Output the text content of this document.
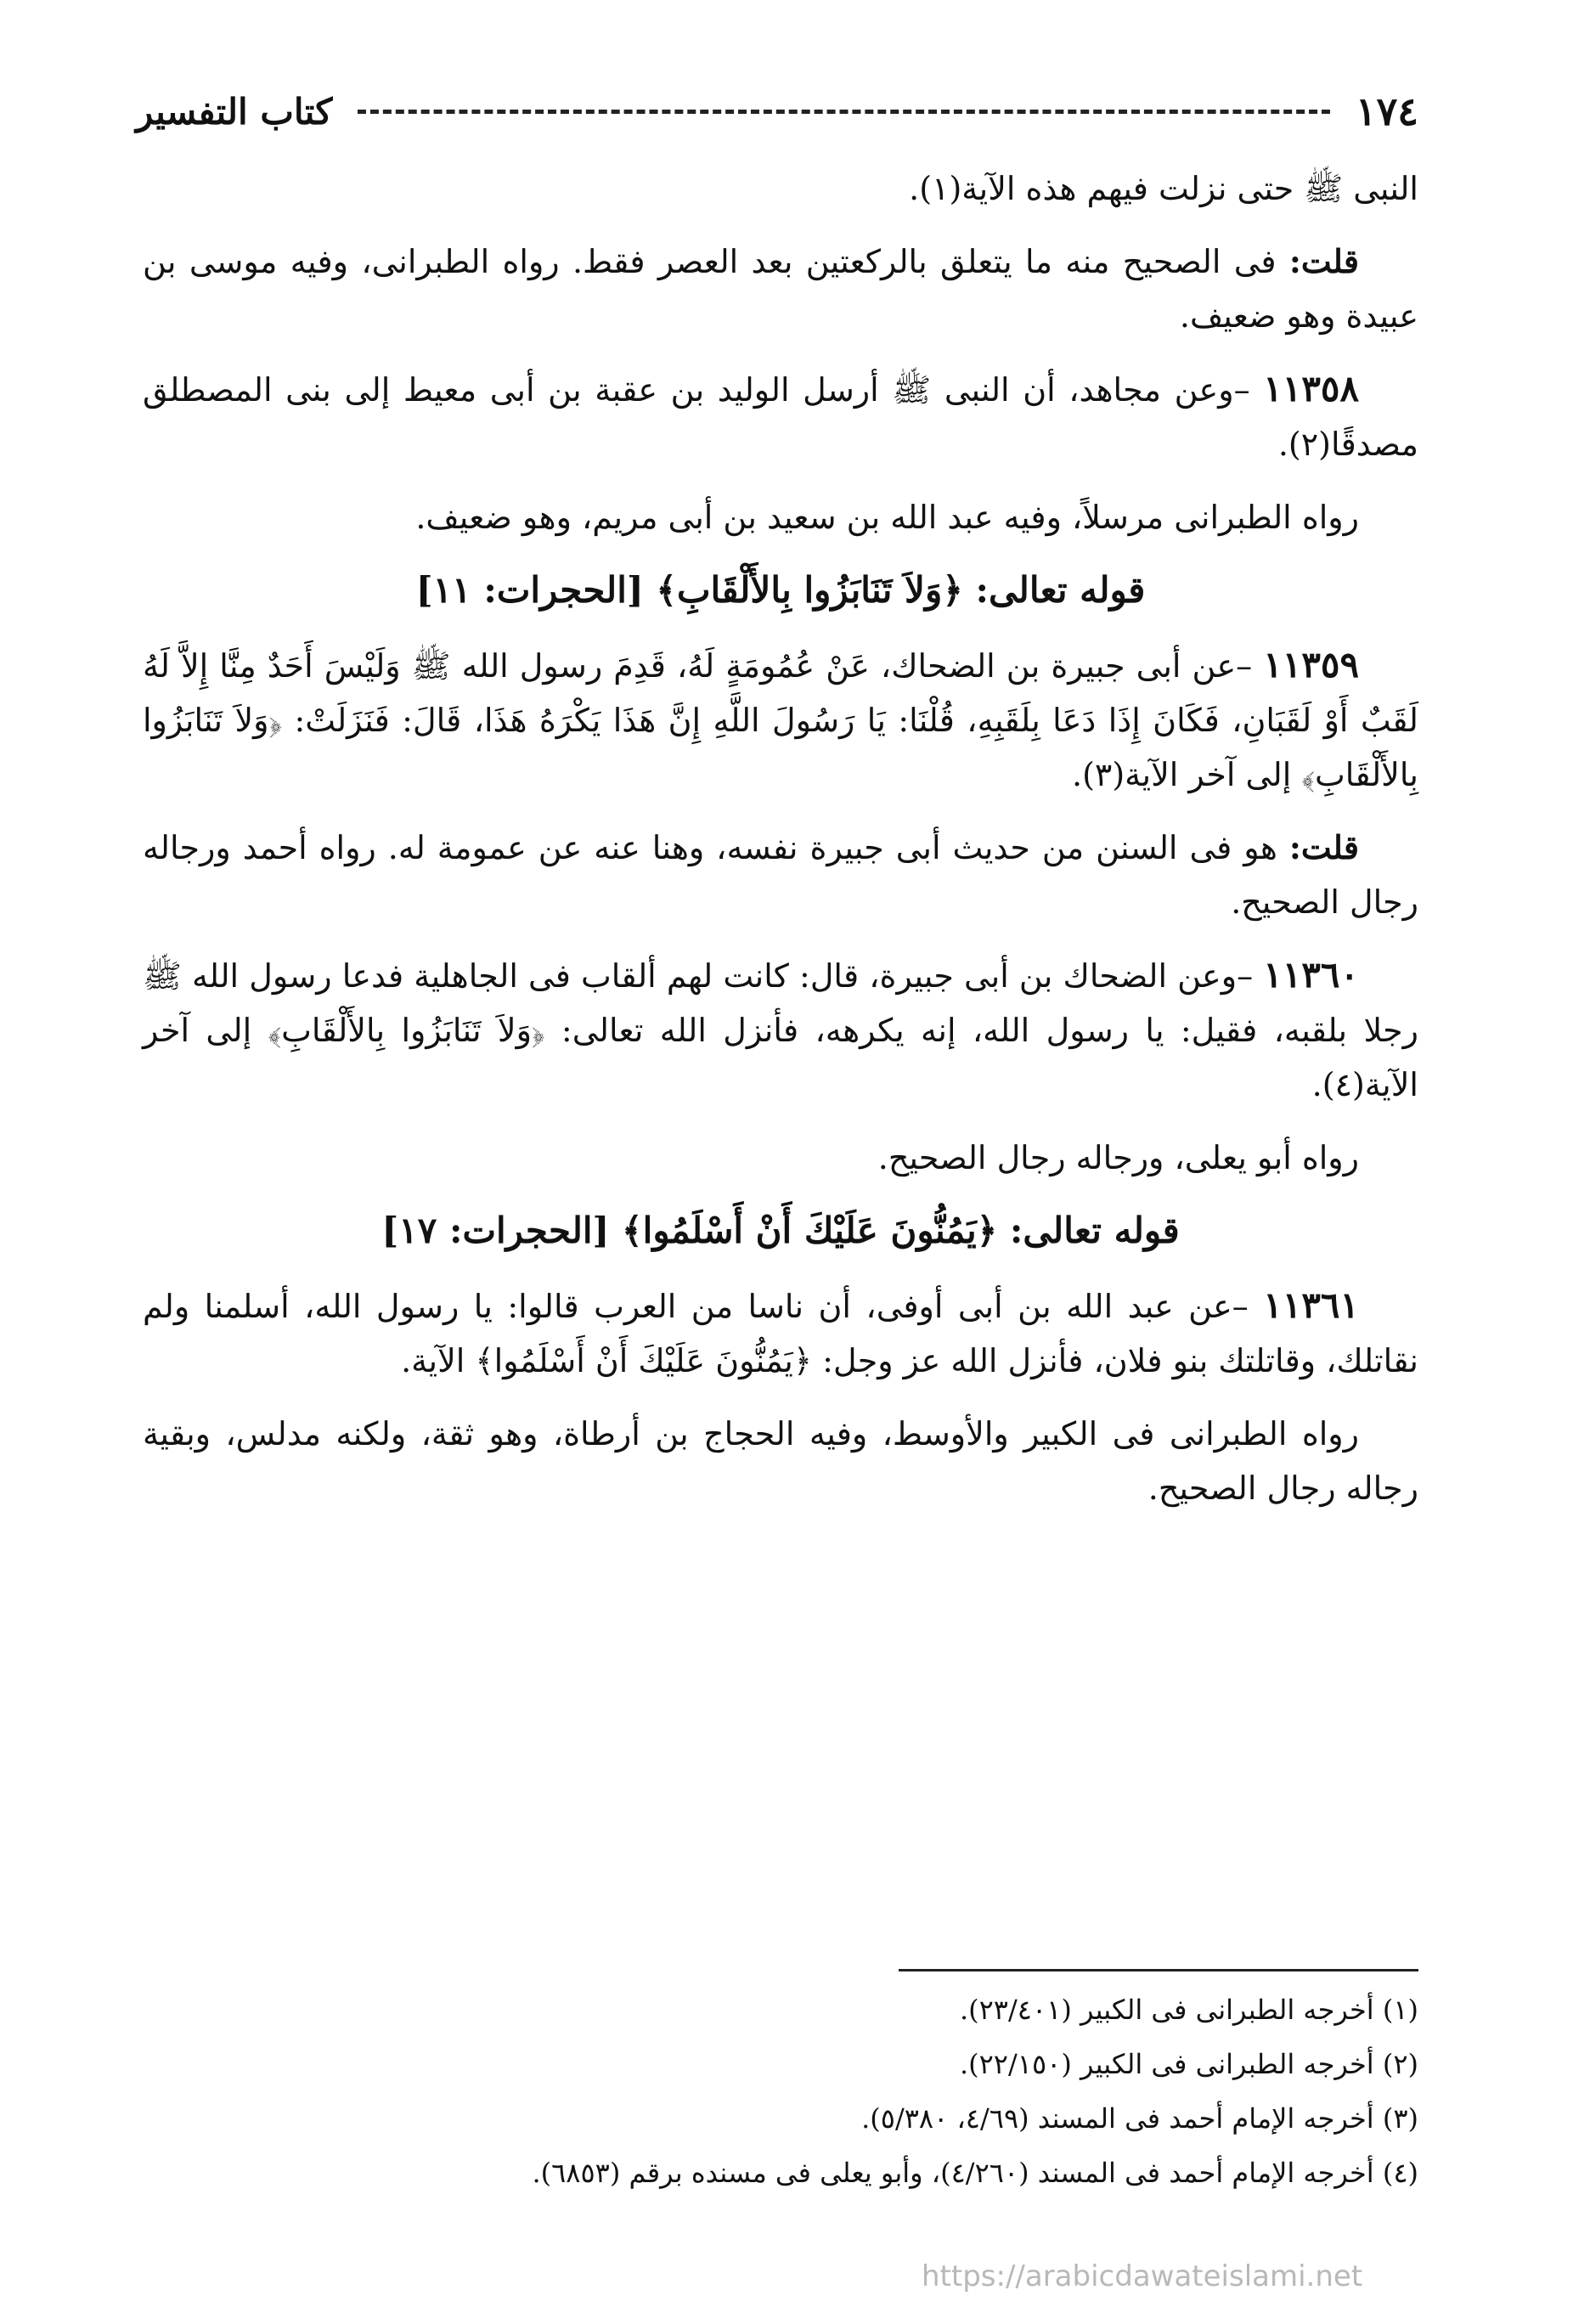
١٧٤
كتاب التفسير

النبى ﷺ حتى نزلت فيهم هذه الآية(١).

قلت: فى الصحيح منه ما يتعلق بالركعتين بعد العصر فقط. رواه الطبرانى، وفيه موسى بن عبيدة وهو ضعيف.

١١٣٥٨ –وعن مجاهد، أن النبى ﷺ أرسل الوليد بن عقبة بن أبى معيط إلى بنى المصطلق مصدقًا(٢).

رواه الطبرانى مرسلاً، وفيه عبد الله بن سعيد بن أبى مريم، وهو ضعيف.

قوله تعالى: ﴿وَلاَ تَنَابَزُوا بِالأَلْقَابِ﴾ [الحجرات: ١١]

١١٣٥٩ –عن أبى جبيرة بن الضحاك، عَنْ عُمُومَةٍ لَهُ، قَدِمَ رسول الله ﷺ وَلَيْسَ أَحَدٌ مِنَّا إِلاَّ لَهُ لَقَبٌ أَوْ لَقَبَانِ، فَكَانَ إِذَا دَعَا بِلَقَبِهِ، قُلْنَا: يَا رَسُولَ اللَّهِ إِنَّ هَذَا يَكْرَهُ هَذَا، قَالَ: فَنَزَلَتْ: ﴿وَلاَ تَنَابَزُوا بِالأَلْقَابِ﴾ إلى آخر الآية(٣).

قلت: هو فى السنن من حديث أبى جبيرة نفسه، وهنا عنه عن عمومة له. رواه أحمد ورجاله رجال الصحيح.

١١٣٦٠ –وعن الضحاك بن أبى جبيرة، قال: كانت لهم ألقاب فى الجاهلية فدعا رسول الله ﷺ رجلا بلقبه، فقيل: يا رسول الله، إنه يكرهه، فأنزل الله تعالى: ﴿وَلاَ تَنَابَزُوا بِالأَلْقَابِ﴾ إلى آخر الآية(٤).

رواه أبو يعلى، ورجاله رجال الصحيح.

قوله تعالى: ﴿يَمُنُّونَ عَلَيْكَ أَنْ أَسْلَمُوا﴾ [الحجرات: ١٧]

١١٣٦١ –عن عبد الله بن أبى أوفى، أن ناسا من العرب قالوا: يا رسول الله، أسلمنا ولم نقاتلك، وقاتلتك بنو فلان، فأنزل الله عز وجل: ﴿يَمُنُّونَ عَلَيْكَ أَنْ أَسْلَمُوا﴾ الآية.

رواه الطبرانى فى الكبير والأوسط، وفيه الحجاج بن أرطاة، وهو ثقة، ولكنه مدلس، وبقية رجاله رجال الصحيح.

(١) أخرجه الطبرانى فى الكبير (٢٣/٤٠١).
(٢) أخرجه الطبرانى فى الكبير (٢٢/١٥٠).
(٣) أخرجه الإمام أحمد فى المسند (٤/٦٩، ٥/٣٨٠).
(٤) أخرجه الإمام أحمد فى المسند (٤/٢٦٠)، وأبو يعلى فى مسنده برقم (٦٨٥٣).
https://arabicdawateislami.net
